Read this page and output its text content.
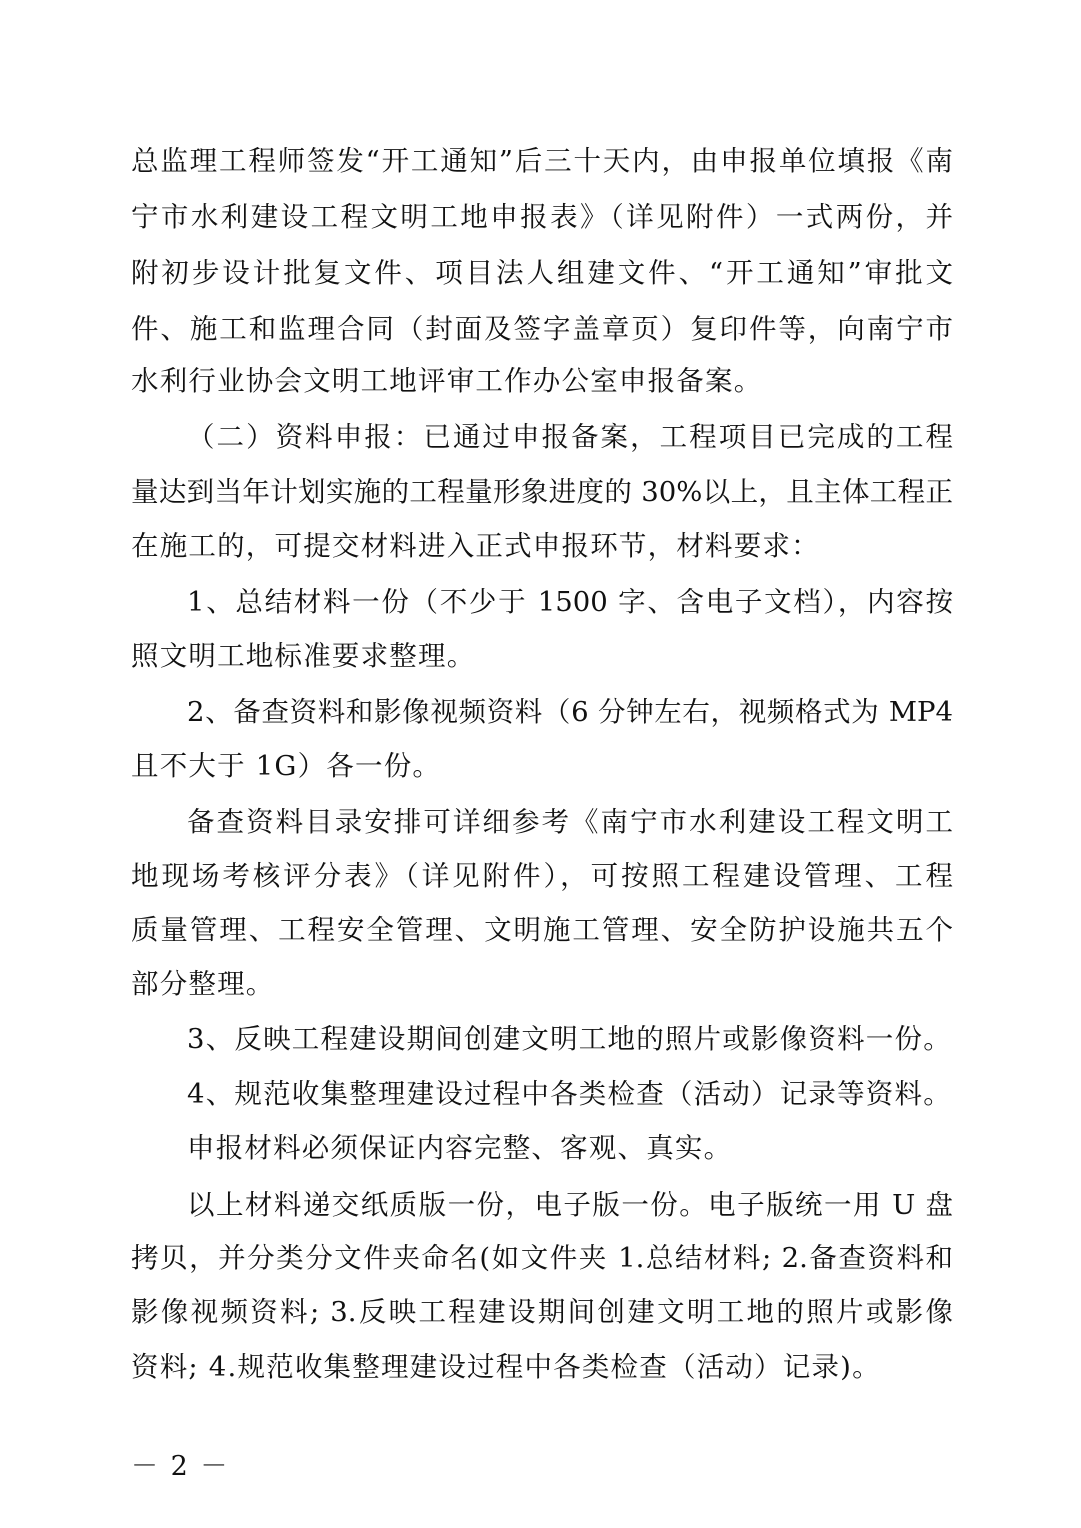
总监理工程师签发“开工通知”后三十天内，由申报单位填报《南
宁市水利建设工程文明工地申报表》（详见附件）一式两份，并
附初步设计批复文件、项目法人组建文件、“开工通知”审批文
件、施工和监理合同（封面及签字盖章页）复印件等，向南宁市
水利行业协会文明工地评审工作办公室申报备案。
（二）资料申报：已通过申报备案，工程项目已完成的工程
量达到当年计划实施的工程量形象进度的 30%以上，且主体工程正
在施工的，可提交材料进入正式申报环节，材料要求：
1、总结材料一份（不少于 1500 字、含电子文档），内容按
照文明工地标准要求整理。
2、备查资料和影像视频资料（6 分钟左右，视频格式为 MP4
且不大于 1G）各一份。
备查资料目录安排可详细参考《南宁市水利建设工程文明工
地现场考核评分表》（详见附件），可按照工程建设管理、工程
质量管理、工程安全管理、文明施工管理、安全防护设施共五个
部分整理。
3、反映工程建设期间创建文明工地的照片或影像资料一份。
4、规范收集整理建设过程中各类检查（活动）记录等资料。
申报材料必须保证内容完整、客观、真实。
以上材料递交纸质版一份，电子版一份。电子版统一用 U 盘
拷贝，并分类分文件夹命名(如文件夹 1.总结材料; 2.备查资料和
影像视频资料; 3.反映工程建设期间创建文明工地的照片或影像
资料; 4.规范收集整理建设过程中各类检查（活动）记录)。
－ 2 －
